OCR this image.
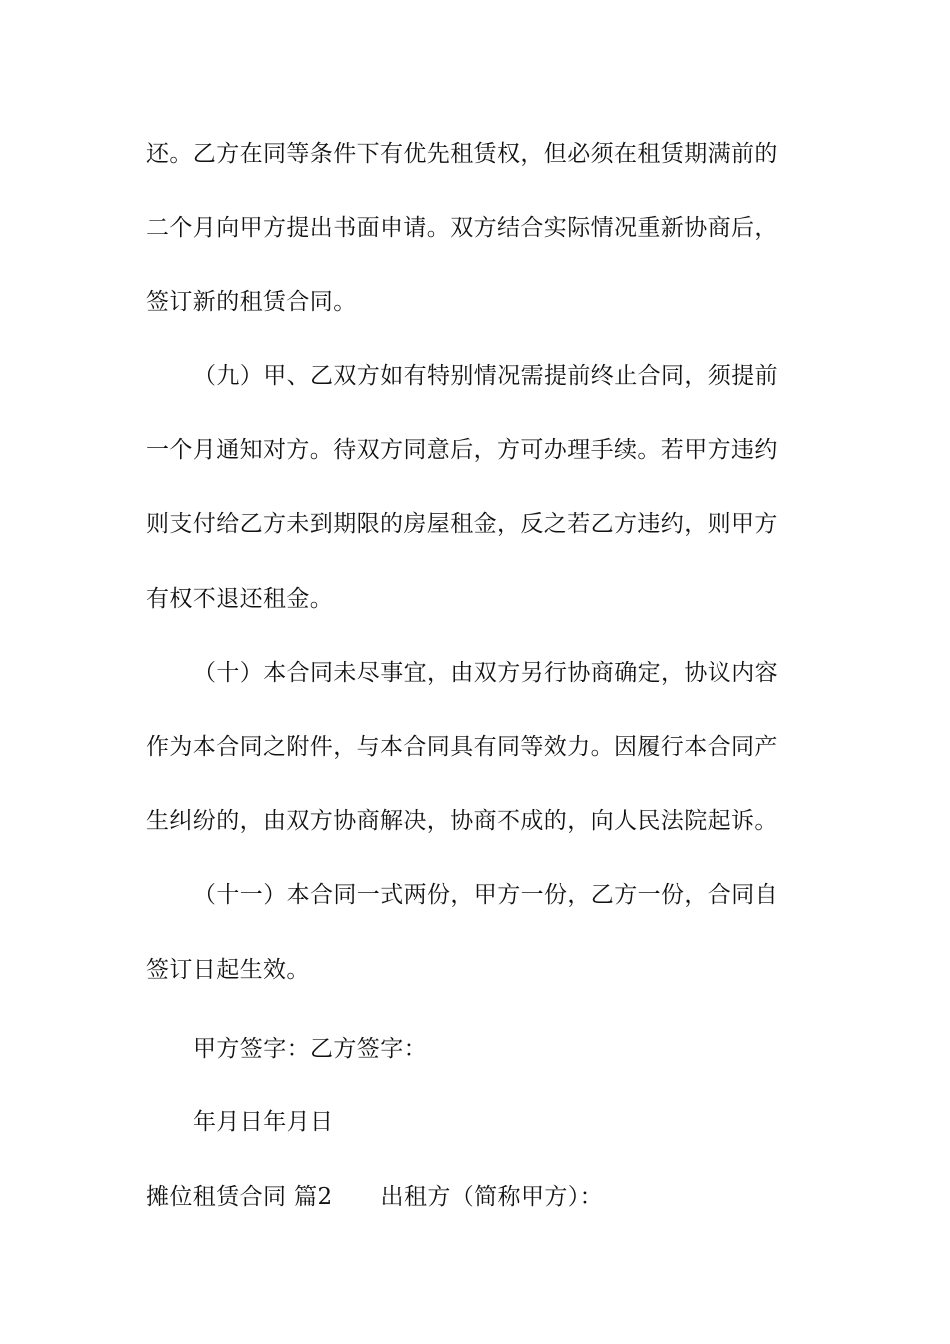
还。乙方在同等条件下有优先租赁权，但必须在租赁期满前的
二个月向甲方提出书面申请。双方结合实际情况重新协商后，
签订新的租赁合同。
（九）甲、乙双方如有特别情况需提前终止合同，须提前
一个月通知对方。待双方同意后，方可办理手续。若甲方违约
则支付给乙方未到期限的房屋租金，反之若乙方违约，则甲方
有权不退还租金。
（十）本合同未尽事宜，由双方另行协商确定，协议内容
作为本合同之附件，与本合同具有同等效力。因履行本合同产
生纠纷的，由双方协商解决，协商不成的，向人民法院起诉。
（十一）本合同一式两份，甲方一份，乙方一份，合同自
签订日起生效。
甲方签字：乙方签字：
年月日年月日
摊位租赁合同 篇2 出租方（简称甲方）：
